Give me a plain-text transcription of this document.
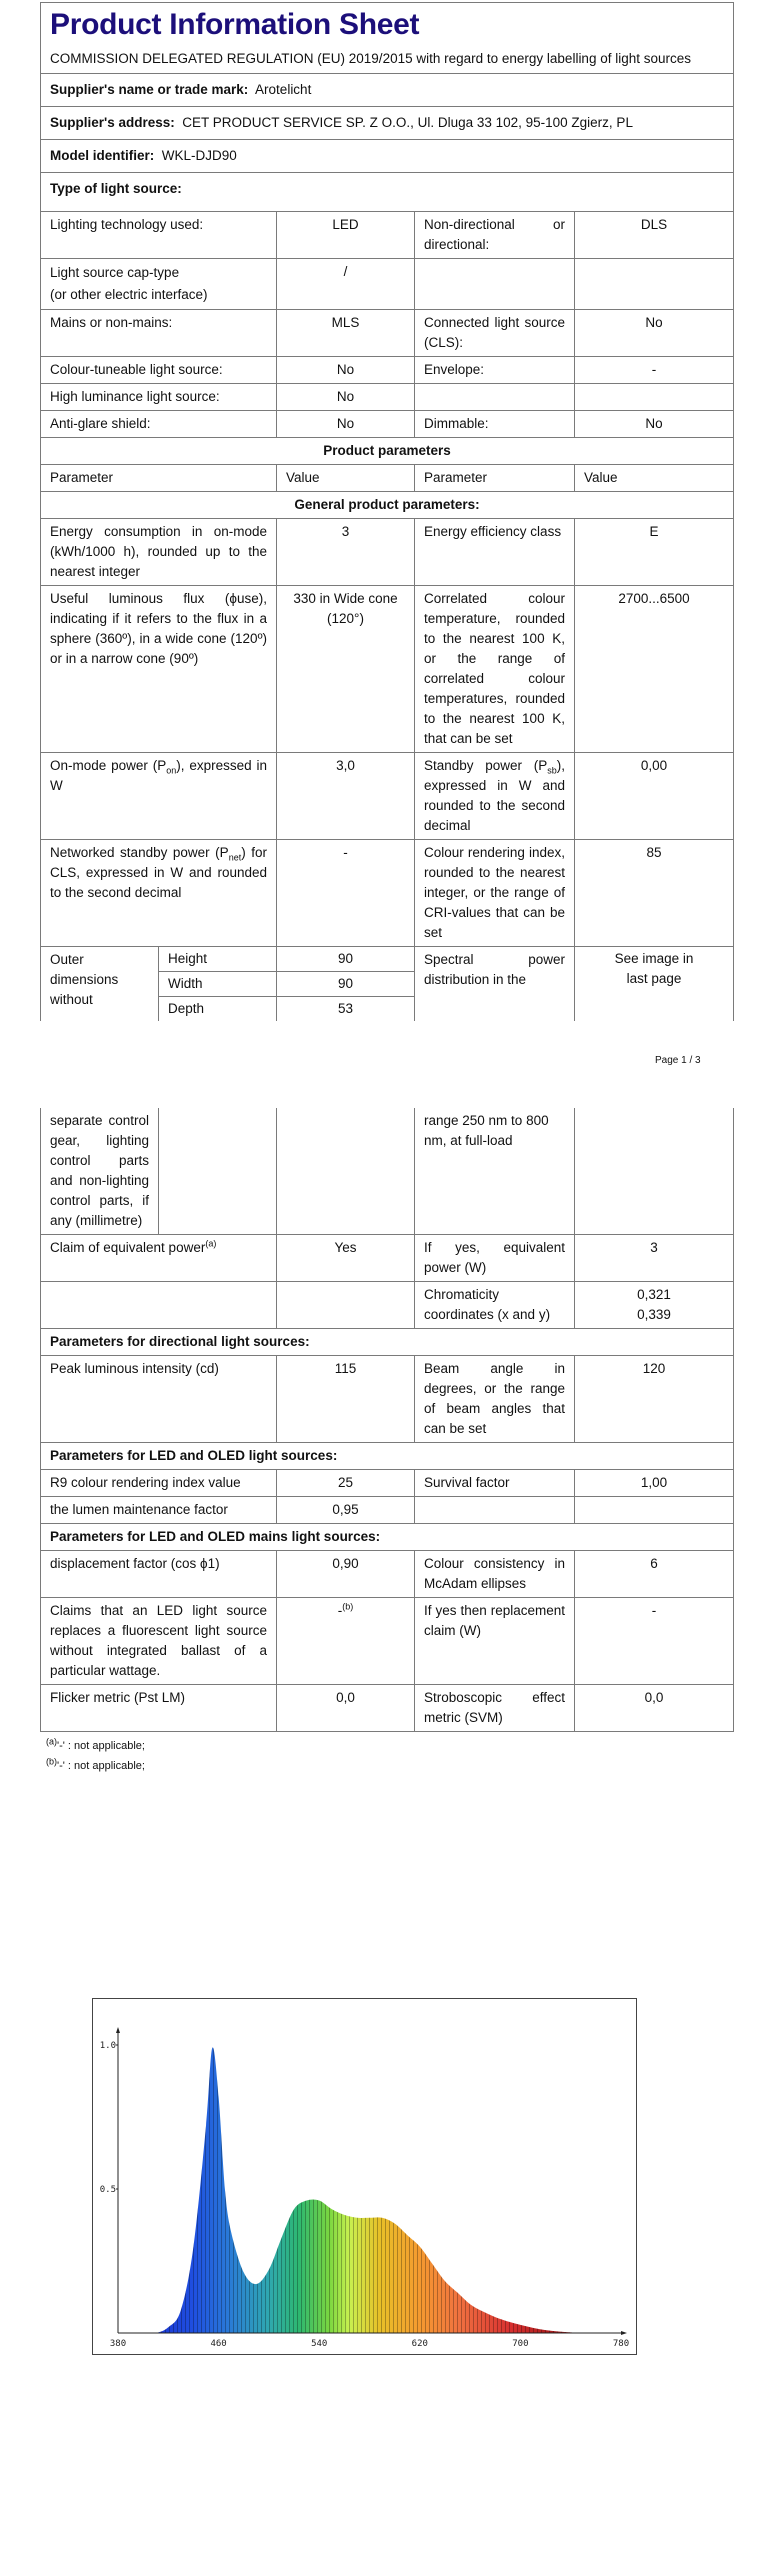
Product Information Sheet
COMMISSION DELEGATED REGULATION (EU) 2019/2015 with regard to energy labelling of light sources				

Supplier's name or trade mark: Arotelicht				
Supplier's address: CET PRODUCT SERVICE SP. Z O.O., Ul. Dluga 33 102, 95-100 Zgierz, PL				
Model identifier: WKL-DJD90				
Type of light source:				
Lighting technology used:		LED	Non-directional or directional:	DLS

Light source cap-type
(or other electric interface)		/		
Mains or non-mains:		MLS	Connected light source (CLS):	No
Colour-tuneable light source:		No	Envelope:	-
High luminance light source:		No		
Anti-glare shield:		No	Dimmable:	No
Product parameters				
Parameter		Value	Parameter	Value
General product parameters:				
Energy consumption in on-mode (kWh/1000 h), rounded up to the nearest integer		3	Energy efficiency class	E
Useful luminous flux (ϕuse), indicating if it refers to the flux in a sphere (360º), in a wide cone (120º) or in a narrow cone (90º)		330 in Wide cone (120°)	Correlated colour temperature, rounded to the nearest 100 K, or the range of correlated colour temperatures, rounded to the nearest 100 K, that can be set	2700...6500
On-mode power $(P_{on})$, expressed in W		3,0	Standby power $(P_{sb})$, expressed in W and rounded to the second decimal	0,00
Networked standby power $(P_{net})$ for CLS, expressed in W and rounded to the second decimal		-	Colour rendering index, rounded to the nearest integer, or the range of CRI-values that can be set	85
Outer dimensions without	Height	90	Spectral power distribution in the	See image in last page
	Width	90		
	Depth	53		
Page 1 / 3
separate control gear, lighting control parts and non-lighting control parts, if any (millimetre)			range 250 nm to 800 nm, at full-load	
Claim of equivalent power$^{(a)}$		Yes	If yes, equivalent power (W)	3
			Chromaticity coordinates (x and y)	0,321
0,339

Parameters for directional light sources:				
Peak luminous intensity (cd)		115	Beam angle in degrees, or the range of beam angles that can be set	120
Parameters for LED and OLED light sources:				
R9 colour rendering index value		25	Survival factor	1,00
the lumen maintenance factor		0,95		
Parameters for LED and OLED mains light sources:				
displacement factor (cos ϕ1)		0,90	Colour consistency in McAdam ellipses	6
Claims that an LED light source replaces a fluorescent light source without integrated ballast of a particular wattage.		-$^{(b)}$	If yes then replacement claim (W)	-
Flicker metric (Pst LM)		0,0	Stroboscopic effect metric (SVM)	0,0
$^{(a)}$'-' : not applicable;
$^{(b)}$'-' : not applicable;
380	460	540	620	700	780
0.5
1.0
